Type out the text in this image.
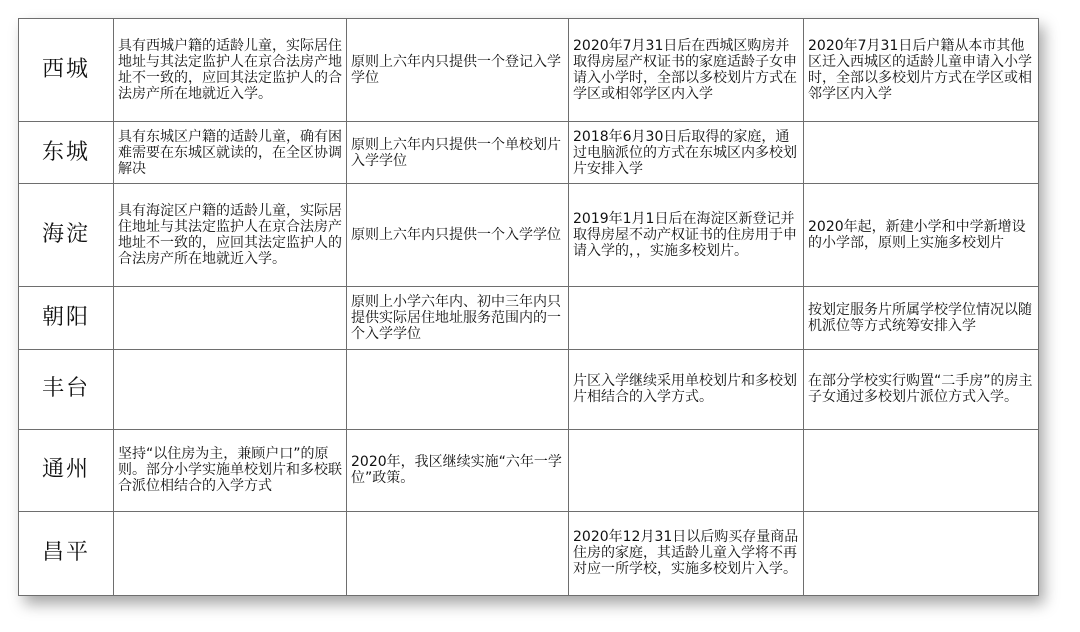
西城	具有西城户籍的适龄儿童，实际居住地址与其法定监护人在京合法房产地址不一致的，应回其法定监护人的合法房产所在地就近入学。	原则上六年内只提供一个登记入学学位	2020年7月31日后在西城区购房并取得房屋产权证书的家庭适龄子女申请入小学时，全部以多校划片方式在学区或相邻学区内入学	2020年7月31日后户籍从本市其他区迁入西城区的适龄儿童申请入小学时，全部以多校划片方式在学区或相邻学区内入学
东城	具有东城区户籍的适龄儿童，确有困难需要在东城区就读的，在全区协调解决	原则上六年内只提供一个单校划片入学学位	2018年6月30日后取得的家庭，通过电脑派位的方式在东城区内多校划片安排入学	
海淀	具有海淀区户籍的适龄儿童，实际居住地址与其法定监护人在京合法房产地址不一致的，应回其法定监护人的合法房产所在地就近入学。	原则上六年内只提供一个入学学位	2019年1月1日后在海淀区新登记并取得房屋不动产权证书的住房用于申请入学的，，实施多校划片。	2020年起，新建小学和中学新增设的小学部，原则上实施多校划片
朝阳		原则上小学六年内、初中三年内只提供实际居住地址服务范围内的一个入学学位		按划定服务片所属学校学位情况以随机派位等方式统筹安排入学
丰台			片区入学继续采用单校划片和多校划片相结合的入学方式。	在部分学校实行购置“二手房”的房主子女通过多校划片派位方式入学。
通州	坚持“以住房为主，兼顾户口”的原则。部分小学实施单校划片和多校联合派位相结合的入学方式	2020年，我区继续实施“六年一学位”政策。		
昌平			2020年12月31日以后购买存量商品住房的家庭，其适龄儿童入学将不再对应一所学校，实施多校划片入学。	
